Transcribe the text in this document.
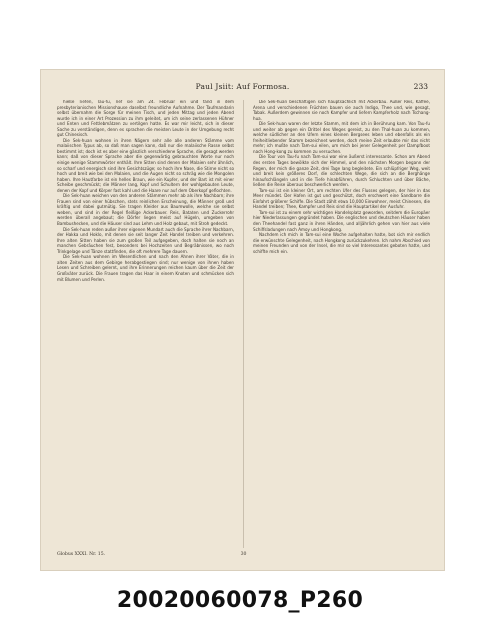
Paul Jsiit: Auf Formosa.	233

hieße Tiefen, Tau-fu, rief sie am 24. Februar ein und fand in dem presbyterianischen Missionshause daselbst freundliche Aufnahme. Der Taufmandarin selbst übernahm die Sorge für meinen Tisch, und jeden Mittag und jeden Abend wurde ich in einer Art Prozession zu ihm geleitet, um ich seine zerlassenen Hühner und Enten und Fettlebmätzen zu vertilgen hatte. Es war mir leicht, sich in dieser Sache zu verständigen, denn es sprachen die meisten Leute in der Umgebung recht gut Chinesisch.

Die Sek-huan wohnen in ihren Nägern sehr alle alle anderen Stämme vom malaiischen Typus ab, so daß man sagen kann, daß nur die malaiische Rasse selbst bestimmt ist; doch ist es aber eine gänzlich verschiedene Sprache, die gesagt werden kann; daß von dieser Sprache aber die gegenwärtig gebrauchten Worte nur noch einige wenige Stammwörter enthält. Ihre Sitten sind denen der Malaien sehr ähnlich, so scharf und energisch sind ihre Gesichtszüge; so hoch ihre Nase, die Stirne nicht so hoch und breit wie bei den Malaien, und die Augen nicht so schräg wie die Mongolen haben. Ihre Hautfarbe ist ein helles Braun, wie ein Kupfer, und der Bart ist mit einer Scheibe geschmückt; die Männer lang, Kopf und Schultern der wohlgebauten Leute, denen der Kopf und Körper fast kahl und die Haare nur auf dem Oberkopf geflochten.

Die Sek-huan weichen von den anderen Stämmen mehr ab als ihre Nachbarn; ihre Frauen sind von einer hübschen, stets reinlichen Erscheinung, die Männer groß und kräftig und dabei gutmütig. Sie tragen Kleider aus Baumwolle, welche sie selbst weben, und sind in der Regel fleißige Ackerbauer. Reis, Bataten und Zuckerrohr werden überall angebaut; die Dörfer liegen meist auf Hügeln, umgeben von Bambushecken, und die Häuser sind aus Lehm und Holz gebaut, mit Stroh gedeckt.

Die Sek-huan reden außer ihrer eigenen Mundart auch die Sprache ihrer Nachbarn, der Hakka und Hoklo, mit denen sie seit langer Zeit Handel treiben und verkehren. Ihre alten Sitten haben sie zum großen Teil aufgegeben, doch halten sie noch an manchen Gebräuchen fest, besonders bei Hochzeiten und Begräbnissen, wo noch Trinkgelage und Tänze stattfinden, die oft mehrere Tage dauern.

Die Sek-huan wohnen im Wesentlichen und nach den Ahnen ihrer Väter, die in alten Zeiten aus dem Gebirge herabgestiegen sind; nur wenige von ihnen haben Lesen und Schreiben gelernt, und ihre Erinnerungen reichen kaum über die Zeit der Großväter zurück. Die Frauen tragen das Haar in einem Knoten und schmücken sich mit Blumen und Perlen.

Die Sek-huan beschäftigen sich hauptsächlich mit Ackerbau. Außer Reis, Kaffee, Arena und verschiedenen Früchten bauen sie auch Indigo, Thee und, wie gesagt, Tabak. Außerdem gewinnen sie noch Kampfer und liefern Kampferholz nach Tschang-hua.

Die Sek-huan waren der letzte Stamm, mit dem ich in Berührung kam. Von Tau-fu und weiter ab gegen ein Drittel des Weges gereist, zu den Thal-huan zu kommen, welche südlicher an den Ufern eines kleinen Bergsees leben und ebenfalls als ein freiheitliebender Stamm bezeichnet werden, doch meine Zeit erlaubte mir das nicht mehr; ich mußte nach Tam-sui eilen, um mich bei jener Gelegenheit per Dampfboot nach Hong-kong zu kommen zu versuchen.

Die Tour von Tau-fu nach Tam-sui war eine äußerst interessante. Schon am Abend des ersten Tages bewölkte sich der Himmel, und den nächsten Morgen begann der Regen, der mich die ganze Zeit, drei Tage lang begleitete. Ein schlüpfriger Weg, weit und breit kein größeres Dorf, die schlechten Wege, die sich an die Berghänge hinaufschlängeln und in die Tiefe hinabführen, durch Schluchten und über Bäche, ließen die Reise überaus beschwerlich werden.

Tam-sui ist ein kleiner Ort, am rechten Ufer des Flusses gelegen, der hier in das Meer mündet. Der Hafen ist gut und geschützt, doch erschwert eine Sandbarre die Einfahrt größerer Schiffe. Die Stadt zählt etwa 10,000 Einwohner, meist Chinesen, die Handel treiben; Thee, Kampfer und Reis sind die Hauptartikel der Ausfuhr.

Tam-sui ist zu einem sehr wichtigen Handelsplatz geworden, seitdem die Europäer hier Niederlassungen gegründet haben. Die englischen und deutschen Häuser haben den Theehandel fast ganz in ihren Händen, und alljährlich gehen von hier aus viele Schiffsladungen nach Amoy und Hongkong.

Nachdem ich mich in Tam-sui eine Woche aufgehalten hatte, bot sich mir endlich die erwünschte Gelegenheit, nach Hongkong zurückzukehren. Ich nahm Abschied von meinen Freunden und von der Insel, die mir so viel Interessantes geboten hatte, und schiffte mich ein.

Globus XXXI. Nr. 15.	30
20020060078_P260
